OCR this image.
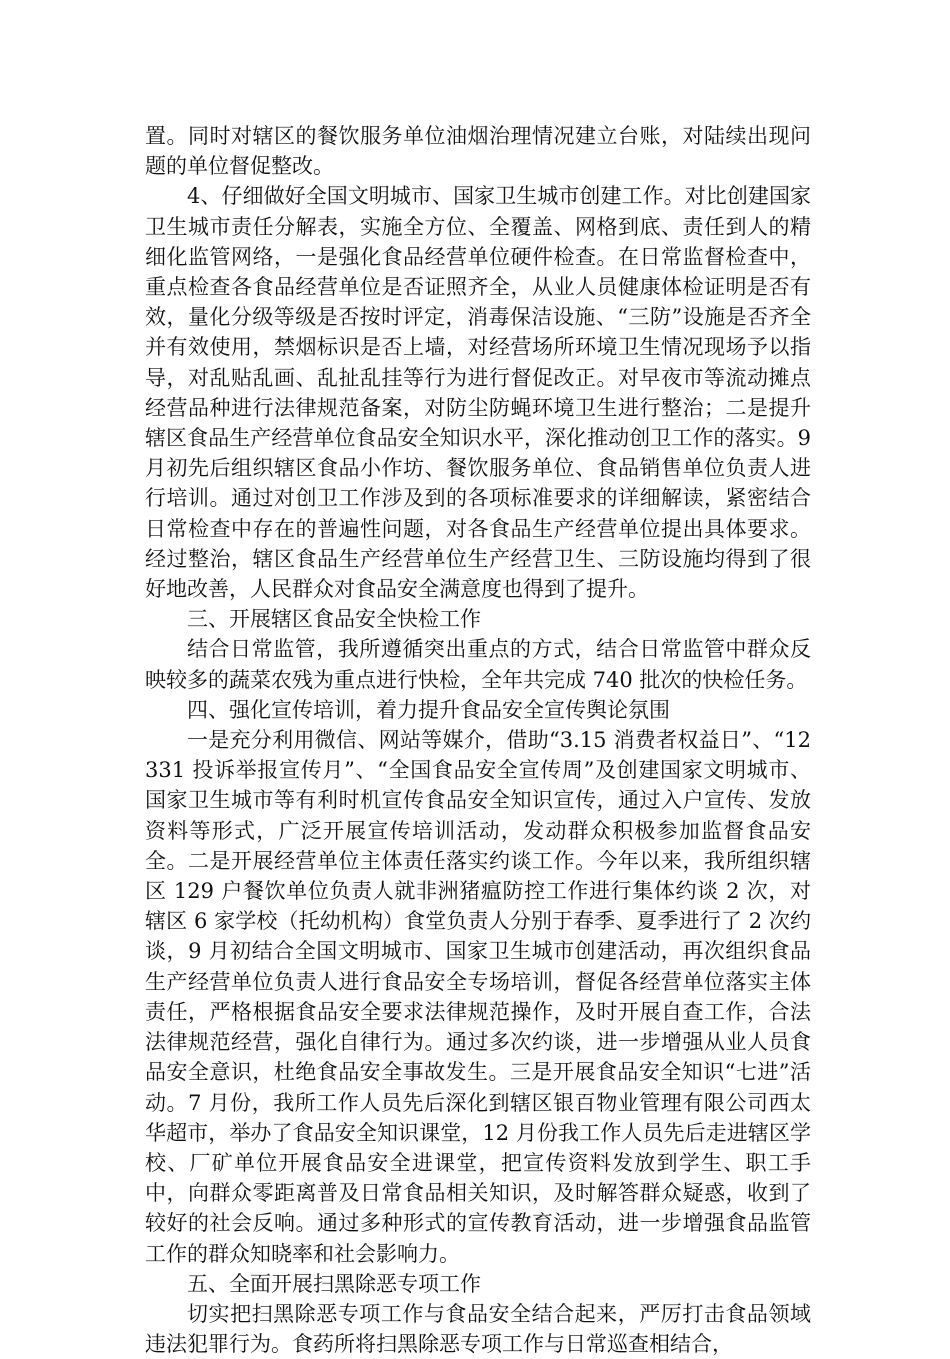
置。同时对辖区的餐饮服务单位油烟治理情况建立台账，对陆续出现问题的单位督促整改。

4、仔细做好全国文明城市、国家卫生城市创建工作。对比创建国家卫生城市责任分解表，实施全方位、全覆盖、网格到底、责任到人的精细化监管网络，一是强化食品经营单位硬件检查。在日常监督检查中，重点检查各食品经营单位是否证照齐全，从业人员健康体检证明是否有效，量化分级等级是否按时评定，消毒保洁设施、“三防”设施是否齐全并有效使用，禁烟标识是否上墙，对经营场所环境卫生情况现场予以指导，对乱贴乱画、乱扯乱挂等行为进行督促改正。对早夜市等流动摊点经营品种进行法律规范备案，对防尘防蝇环境卫生进行整治；二是提升辖区食品生产经营单位食品安全知识水平，深化推动创卫工作的落实。9月初先后组织辖区食品小作坊、餐饮服务单位、食品销售单位负责人进行培训。通过对创卫工作涉及到的各项标准要求的详细解读，紧密结合日常检查中存在的普遍性问题，对各食品生产经营单位提出具体要求。经过整治，辖区食品生产经营单位生产经营卫生、三防设施均得到了很好地改善，人民群众对食品安全满意度也得到了提升。

三、开展辖区食品安全快检工作

结合日常监管，我所遵循突出重点的方式，结合日常监管中群众反映较多的蔬菜农残为重点进行快检，全年共完成 740 批次的快检任务。

四、强化宣传培训，着力提升食品安全宣传舆论氛围

一是充分利用微信、网站等媒介，借助“3.15 消费者权益日”、“12331 投诉举报宣传月”、“全国食品安全宣传周”及创建国家文明城市、国家卫生城市等有利时机宣传食品安全知识宣传，通过入户宣传、发放资料等形式，广泛开展宣传培训活动，发动群众积极参加监督食品安全。二是开展经营单位主体责任落实约谈工作。今年以来，我所组织辖区 129 户餐饮单位负责人就非洲猪瘟防控工作进行集体约谈 2 次，对辖区 6 家学校（托幼机构）食堂负责人分别于春季、夏季进行了 2 次约谈，9 月初结合全国文明城市、国家卫生城市创建活动，再次组织食品生产经营单位负责人进行食品安全专场培训，督促各经营单位落实主体责任，严格根据食品安全要求法律规范操作，及时开展自查工作，合法法律规范经营，强化自律行为。通过多次约谈，进一步增强从业人员食品安全意识，杜绝食品安全事故发生。三是开展食品安全知识“七进”活动。7 月份，我所工作人员先后深化到辖区银百物业管理有限公司西太华超市，举办了食品安全知识课堂，12 月份我工作人员先后走进辖区学校、厂矿单位开展食品安全进课堂，把宣传资料发放到学生、职工手中，向群众零距离普及日常食品相关知识，及时解答群众疑惑，收到了较好的社会反响。通过多种形式的宣传教育活动，进一步增强食品监管工作的群众知晓率和社会影响力。

五、全面开展扫黑除恶专项工作

切实把扫黑除恶专项工作与食品安全结合起来，严厉打击食品领域违法犯罪行为。食药所将扫黑除恶专项工作与日常巡查相结合，
